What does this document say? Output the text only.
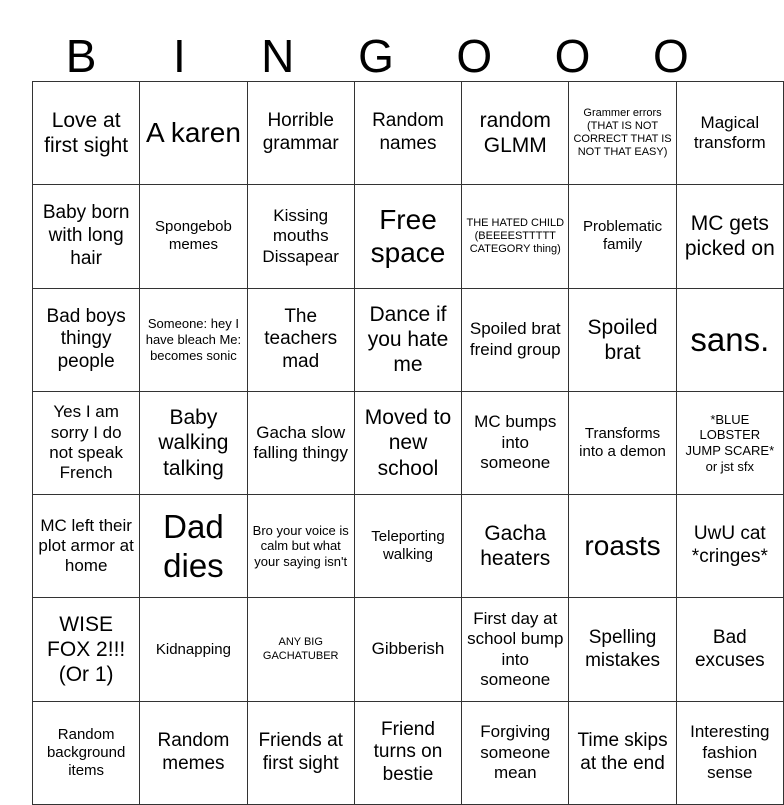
B	I	N	G	O	O	O
Love at first sight	A karen	Horrible grammar	Random names	random GLMM	Grammer errors (THAT IS NOT CORRECT THAT IS NOT THAT EASY)	Magical transform
Baby born with long hair	Spongebob memes	Kissing mouths Dissapear	Free space	THE HATED CHILD (BEEEESTTTTT CATEGORY thing)	Problematic family	MC gets picked on
Bad boys thingy people	Someone: hey I have bleach Me: becomes sonic	The teachers mad	Dance if you hate me	Spoiled brat freind group	Spoiled brat	sans.
Yes I am sorry I do not speak French	Baby walking talking	Gacha slow falling thingy	Moved to new school	MC bumps into someone	Transforms into a demon	*BLUE LOBSTER JUMP SCARE* or jst sfx
MC left their plot armor at home	Dad dies	Bro your voice is calm but what your saying isn't	Teleporting walking	Gacha heaters	roasts	UwU cat *cringes*
WISE FOX 2!!! (Or 1)	Kidnapping	ANY BIG GACHATUBER	Gibberish	First day at school bump into someone	Spelling mistakes	Bad excuses
Random background items	Random memes	Friends at first sight	Friend turns on bestie	Forgiving someone mean	Time skips at the end	Interesting fashion sense
